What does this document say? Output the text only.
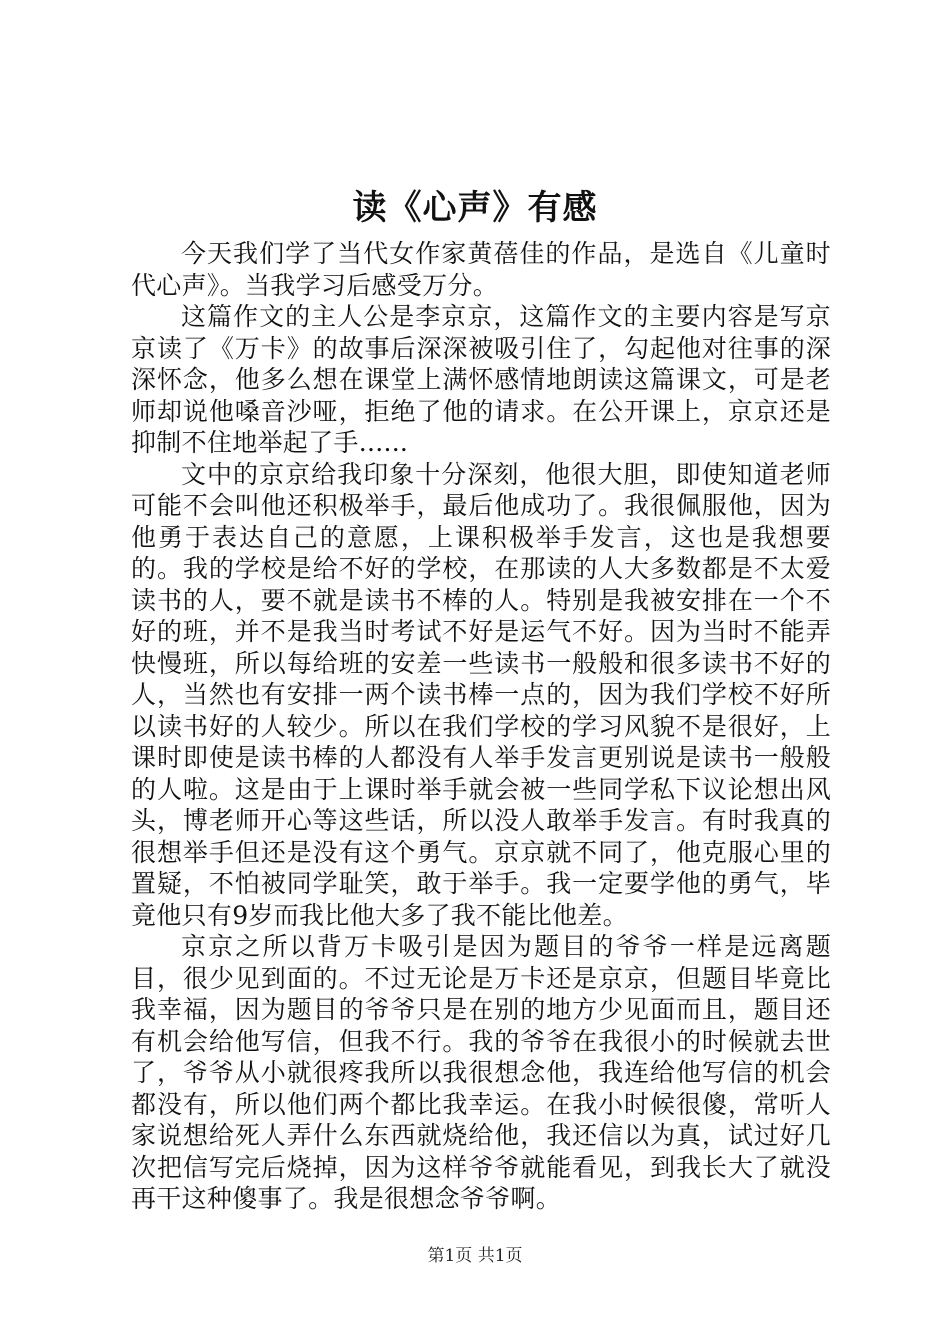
读《心声》有感

今天我们学了当代女作家黄蓓佳的作品，是选自《儿童时代心声》。当我学习后感受万分。

这篇作文的主人公是李京京，这篇作文的主要内容是写京京读了《万卡》的故事后深深被吸引住了，勾起他对往事的深深怀念，他多么想在课堂上满怀感情地朗读这篇课文，可是老师却说他嗓音沙哑，拒绝了他的请求。在公开课上，京京还是抑制不住地举起了手......

文中的京京给我印象十分深刻，他很大胆，即使知道老师可能不会叫他还积极举手，最后他成功了。我很佩服他，因为他勇于表达自己的意愿，上课积极举手发言，这也是我想要的。我的学校是给不好的学校，在那读的人大多数都是不太爱读书的人，要不就是读书不棒的人。特别是我被安排在一个不好的班，并不是我当时考试不好是运气不好。因为当时不能弄快慢班，所以每给班的安差一些读书一般般和很多读书不好的人，当然也有安排一两个读书棒一点的，因为我们学校不好所以读书好的人较少。所以在我们学校的学习风貌不是很好，上课时即使是读书棒的人都没有人举手发言更别说是读书一般般的人啦。这是由于上课时举手就会被一些同学私下议论想出风头，博老师开心等这些话，所以没人敢举手发言。有时我真的很想举手但还是没有这个勇气。京京就不同了，他克服心里的置疑，不怕被同学耻笑，敢于举手。我一定要学他的勇气，毕竟他只有9岁而我比他大多了我不能比他差。

京京之所以背万卡吸引是因为题目的爷爷一样是远离题目，很少见到面的。不过无论是万卡还是京京，但题目毕竟比我幸福，因为题目的爷爷只是在别的地方少见面而且，题目还有机会给他写信，但我不行。我的爷爷在我很小的时候就去世了，爷爷从小就很疼我所以我很想念他，我连给他写信的机会都没有，所以他们两个都比我幸运。在我小时候很傻，常听人家说想给死人弄什么东西就烧给他，我还信以为真，试过好几次把信写完后烧掉，因为这样爷爷就能看见，到我长大了就没再干这种傻事了。我是很想念爷爷啊。

第1页 共1页
